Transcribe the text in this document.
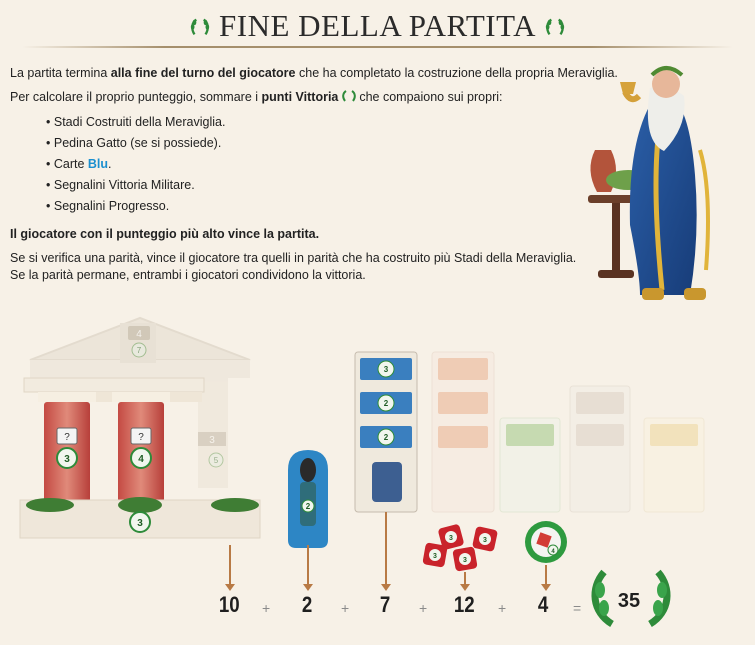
FINE DELLA PARTITA
La partita termina alla fine del turno del giocatore che ha completato la costruzione della propria Meraviglia.
Per calcolare il proprio punteggio, sommare i punti Vittoria  che compaiono sui propri:
• Stadi Costruiti della Meraviglia.
• Pedina Gatto (se si possiede).
• Carte Blu.
• Segnalini Vittoria Militare.
• Segnalini Progresso.
Il giocatore con il punteggio più alto vince la partita.
Se si verifica una parità, vince il giocatore tra quelli in parità che ha costruito più Stadi della Meraviglia.
Se la parità permane, entrambi i giocatori condividono la vittoria.
4
7
3
5
?
3
?
4
3
2
3
2
2
3	3
3
3
4
10 + 2 + 7 + 12 + 4 =	35
